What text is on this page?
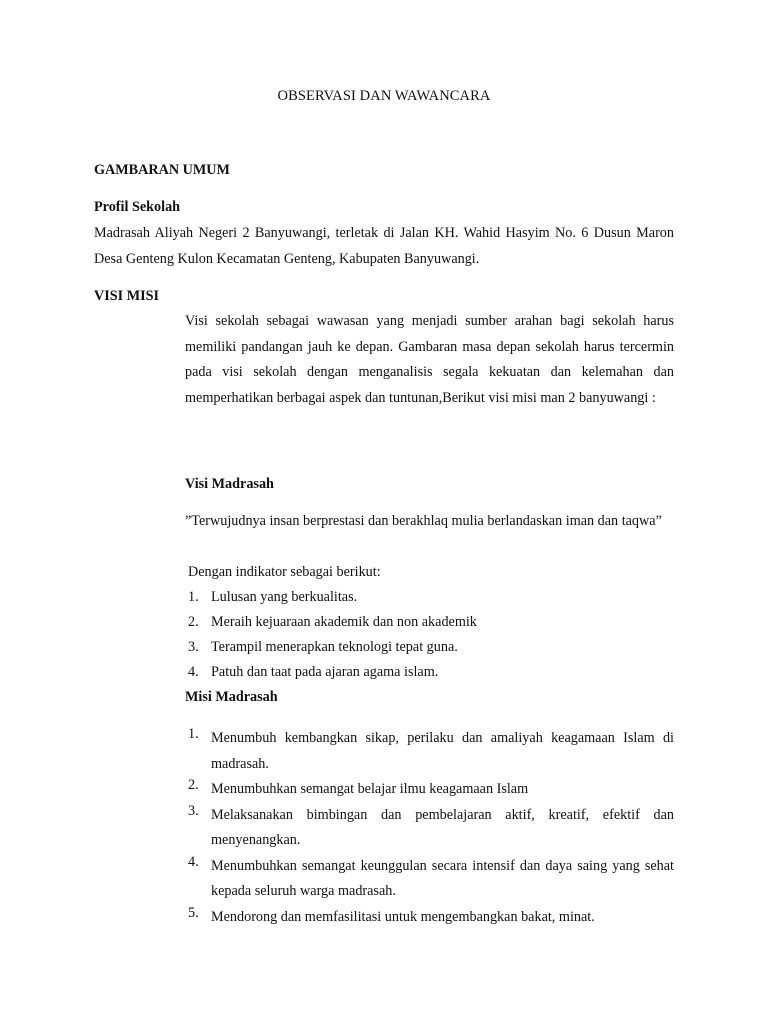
OBSERVASI DAN WAWANCARA

GAMBARAN UMUM

Profil Sekolah

Madrasah Aliyah Negeri 2 Banyuwangi, terletak di Jalan KH. Wahid Hasyim No. 6 Dusun Maron Desa Genteng Kulon Kecamatan Genteng, Kabupaten Banyuwangi.

VISI MISI

Visi sekolah sebagai wawasan yang menjadi sumber arahan bagi sekolah harus memiliki pandangan jauh ke depan. Gambaran masa depan sekolah harus tercermin pada visi sekolah dengan menganalisis segala kekuatan dan kelemahan dan memperhatikan berbagai aspek dan tuntunan,Berikut visi misi man 2 banyuwangi :

Visi Madrasah

”Terwujudnya insan berprestasi dan berakhlaq mulia berlandaskan iman dan taqwa”

Dengan indikator sebagai berikut:

1. Lulusan yang berkualitas.
2. Meraih kejuaraan akademik dan non akademik
3. Terampil menerapkan teknologi tepat guna.
4. Patuh dan taat pada ajaran agama islam.

Misi Madrasah

1. Menumbuh kembangkan sikap, perilaku dan amaliyah keagamaan Islam di madrasah.
2. Menumbuhkan semangat belajar ilmu keagamaan Islam
3. Melaksanakan bimbingan dan pembelajaran aktif, kreatif, efektif dan menyenangkan.
4. Menumbuhkan semangat keunggulan secara intensif dan daya saing yang sehat kepada seluruh warga madrasah.
5. Mendorong dan memfasilitasi untuk mengembangkan bakat, minat.
